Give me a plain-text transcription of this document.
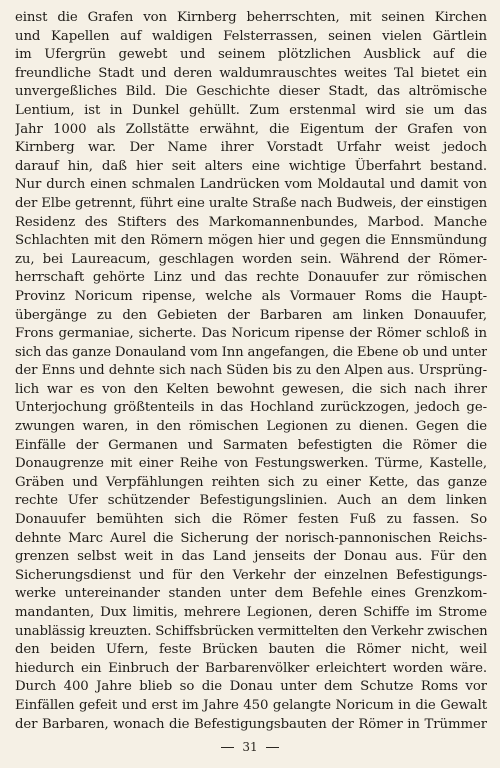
einst die Grafen von Kirnberg beherrschten, mit seinen Kirchen
und Kapellen auf waldigen Felsterrassen, seinen vielen Gärtlein
im Ufergrün gewebt und seinem plötzlichen Ausblick auf die
freundliche Stadt und deren waldumrauschtes weites Tal bietet ein
unvergeßliches Bild. Die Geschichte dieser Stadt, das altrömische
Lentium, ist in Dunkel gehüllt. Zum erstenmal wird sie um das
Jahr 1000 als Zollstätte erwähnt, die Eigentum der Grafen von
Kirnberg war. Der Name ihrer Vorstadt Urfahr weist jedoch
darauf hin, daß hier seit alters eine wichtige Überfahrt bestand.
Nur durch einen schmalen Landrücken vom Moldautal und damit von
der Elbe getrennt, führt eine uralte Straße nach Budweis, der einstigen
Residenz des Stifters des Markomannenbundes, Marbod. Manche
Schlachten mit den Römern mögen hier und gegen die Ennsmündung
zu, bei Laureacum, geschlagen worden sein. Während der Römer-
herrschaft gehörte Linz und das rechte Donauufer zur römischen
Provinz Noricum ripense, welche als Vormauer Roms die Haupt-
übergänge zu den Gebieten der Barbaren am linken Donauufer,
Frons germaniae, sicherte. Das Noricum ripense der Römer schloß in
sich das ganze Donauland vom Inn angefangen, die Ebene ob und unter
der Enns und dehnte sich nach Süden bis zu den Alpen aus. Ursprüng-
lich war es von den Kelten bewohnt gewesen, die sich nach ihrer
Unterjochung größtenteils in das Hochland zurückzogen, jedoch ge-
zwungen waren, in den römischen Legionen zu dienen. Gegen die
Einfälle der Germanen und Sarmaten befestigten die Römer die
Donaugrenze mit einer Reihe von Festungswerken. Türme, Kastelle,
Gräben und Verpfählungen reihten sich zu einer Kette, das ganze
rechte Ufer schützender Befestigungslinien. Auch an dem linken
Donauufer bemühten sich die Römer festen Fuß zu fassen. So
dehnte Marc Aurel die Sicherung der norisch-pannonischen Reichs-
grenzen selbst weit in das Land jenseits der Donau aus. Für den
Sicherungsdienst und für den Verkehr der einzelnen Befestigungs-
werke untereinander standen unter dem Befehle eines Grenzkom-
mandanten, Dux limitis, mehrere Legionen, deren Schiffe im Strome
unablässig kreuzten. Schiffsbrücken vermittelten den Verkehr zwischen
den beiden Ufern, feste Brücken bauten die Römer nicht, weil
hiedurch ein Einbruch der Barbarenvölker erleichtert worden wäre.
Durch 400 Jahre blieb so die Donau unter dem Schutze Roms vor
Einfällen gefeit und erst im Jahre 450 gelangte Noricum in die Gewalt
der Barbaren, wonach die Befestigungsbauten der Römer in Trümmer
31
